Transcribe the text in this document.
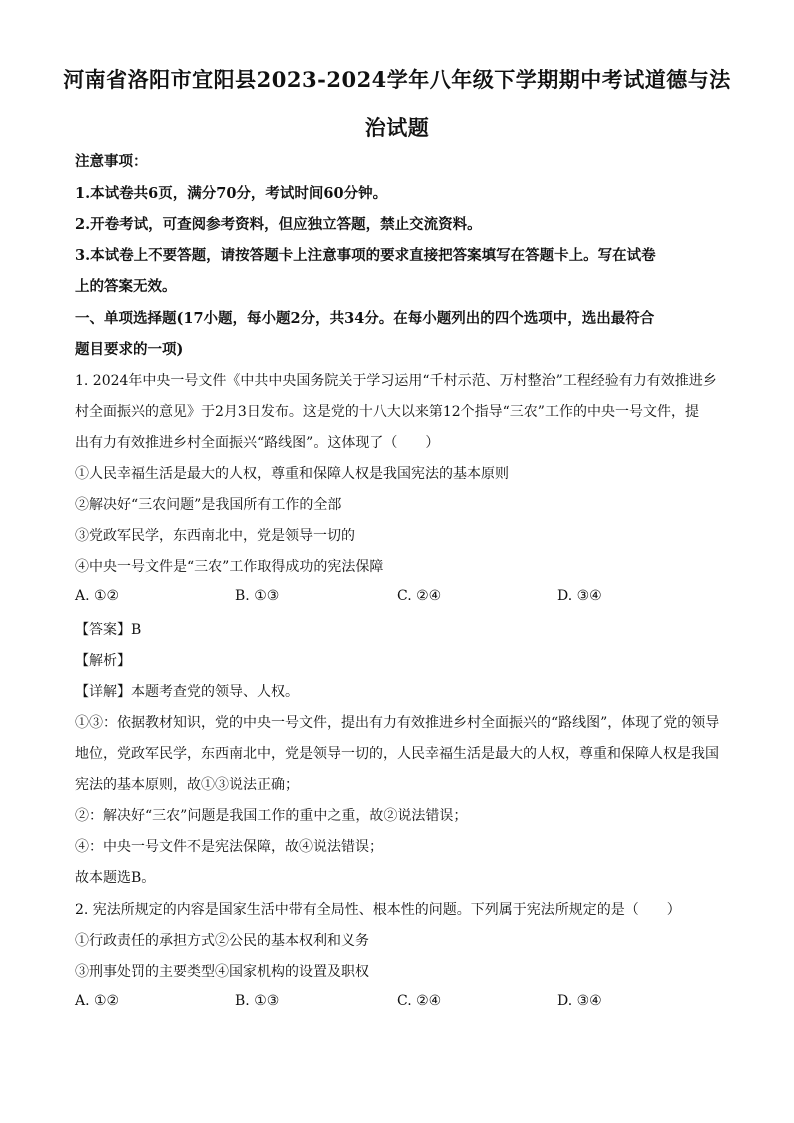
河南省洛阳市宜阳县2023-2024学年八年级下学期期中考试道德与法
治试题
注意事项：
1.本试卷共6页，满分70分，考试时间60分钟。
2.开卷考试，可查阅参考资料，但应独立答题，禁止交流资料。
3.本试卷上不要答题，请按答题卡上注意事项的要求直接把答案填写在答题卡上。写在试卷
上的答案无效。
一、单项选择题(17小题，每小题2分，共34分。在每小题列出的四个选项中，选出最符合
题目要求的一项)
1. 2024年中央一号文件《中共中央国务院关于学习运用“千村示范、万村整治”工程经验有力有效推进乡
村全面振兴的意见》于2月3日发布。这是党的十八大以来第12个指导“三农”工作的中央一号文件，提
出有力有效推进乡村全面振兴“路线图”。这体现了（　　）
①人民幸福生活是最大的人权，尊重和保障人权是我国宪法的基本原则
②解决好“三农问题”是我国所有工作的全部
③党政军民学，东西南北中，党是领导一切的
④中央一号文件是“三农”工作取得成功的宪法保障
A. ①②	B. ①③	C. ②④	D. ③④
【答案】B
【解析】
【详解】本题考查党的领导、人权。
①③：依据教材知识，党的中央一号文件，提出有力有效推进乡村全面振兴的“路线图”，体现了党的领导
地位，党政军民学，东西南北中，党是领导一切的，人民幸福生活是最大的人权，尊重和保障人权是我国
宪法的基本原则，故①③说法正确；
②：解决好“三农”问题是我国工作的重中之重，故②说法错误；
④：中央一号文件不是宪法保障，故④说法错误；
故本题选B。
2. 宪法所规定的内容是国家生活中带有全局性、根本性的问题。下列属于宪法所规定的是（　　）
①行政责任的承担方式②公民的基本权利和义务
③刑事处罚的主要类型④国家机构的设置及职权
A. ①②	B. ①③	C. ②④	D. ③④
